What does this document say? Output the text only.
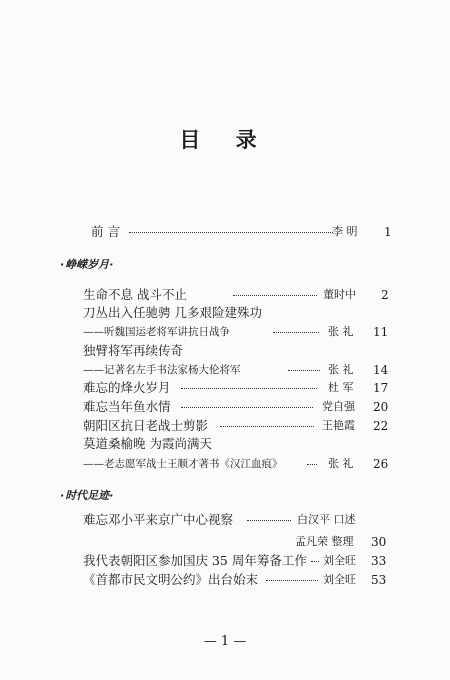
目 录
前 言	李 明 1
·峥嵘岁月·
生命不息 战斗不止	董时中 2
刀丛出入任驰骋 几多艰险建殊功
——听魏国运老将军讲抗日战争	张 礼 11
独臂将军再续传奇
——记著名左手书法家杨大伦将军	张 礼 14
难忘的烽火岁月	杜 军 17
难忘当年鱼水情	党自强 20
朝阳区抗日老战士剪影	王艳霞 22
莫道桑榆晚 为霞尚满天
——老志愿军战士王顺才著书《汉江血痕》	张 礼 26
·时代足迹·
难忘邓小平来京广中心视察	白汉平 口述
孟凡荣 整理 30
我代表朝阳区参加国庆 35 周年筹备工作 刘全旺 33
《首都市民文明公约》出台始末	刘全旺 53
— 1 —
